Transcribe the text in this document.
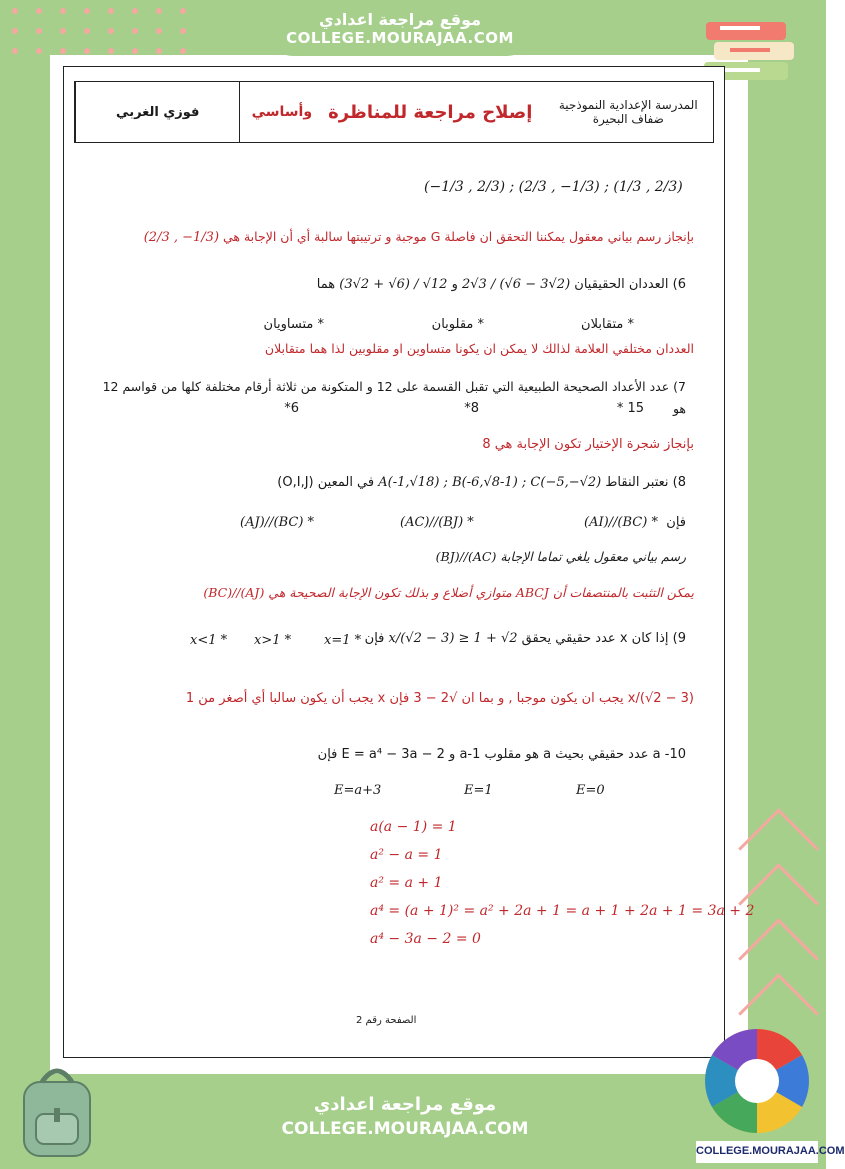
موقع مراجعة اعدادي
COLLEGE.MOURAJAA.COM
المدرسة الإعدادية النموذجية
ضفاف البحيرة
إصلاح مراجعة للمناظرة
وأساسي
فوزي الغربي
(−1/3 , 2/3) ; (2/3 , −1/3) ; (1/3 , 2/3)
بإنجاز رسم بياني معقول يمكننا التحقق ان فاصلة G موجبة و ترتيبتها سالبة أي أن الإجابة هي (2/3 , −1/3)
6) العددان الحقيقيان 2√3 / (√6 − 3√2) و (3√2 + √6) / √12 هما
* متقابلان
* مقلوبان
* متساويان
العددان مختلفي العلامة لذالك لا يمكن ان يكونا متساوين او مقلوبين لذا هما متقابلان
7) عدد الأعداد الصحيحة الطبيعية التي تقبل القسمة على 12 و المتكونة من ثلاثة أرقام مختلفة كلها من قواسم 12
هو
15 *
8*
6*
بإنجاز شجرة الإختيار تكون الإجابة هي 8
8) نعتبر النقاط A(-1,√18) ; B(-6,√8-1) ; C(−5,−√2) في المعين (O,I,J)
فإن
(AI)//(BC) *
(AC)//(BJ) *
(AJ)//(BC) *
رسم بياني معقول يلغي تماما الإجابة (AC)//(BJ)
يمكن التثبت بالمنتصفات أن ABCJ متوازي أضلاع و بذلك تكون الإجابة الصحيحة هي (AJ)//(BC)
9) إذا كان x عدد حقيقي يحقق x/(√2 − 3) ≥ 1 + √2 فإن
x=1 *
x>1 *
x<1 *
x/(√2 − 3) يجب ان يكون موجبا , و بما ان √2 − 3 فإن x يجب أن يكون سالبا أي أصغر من 1
10- a عدد حقيقي بحيث a هو مقلوب a-1 و E = a⁴ − 3a − 2 فإن
E=0
E=1
E=a+3
a(a − 1) = 1
a² − a = 1
a² = a + 1
a⁴ = (a + 1)² = a² + 2a + 1 = a + 1 + 2a + 1 = 3a + 2
a⁴ − 3a − 2 = 0
الصفحة رقم 2
موقع مراجعة اعدادي
COLLEGE.MOURAJAA.COM
COLLEGE.MOURAJAA.COM
